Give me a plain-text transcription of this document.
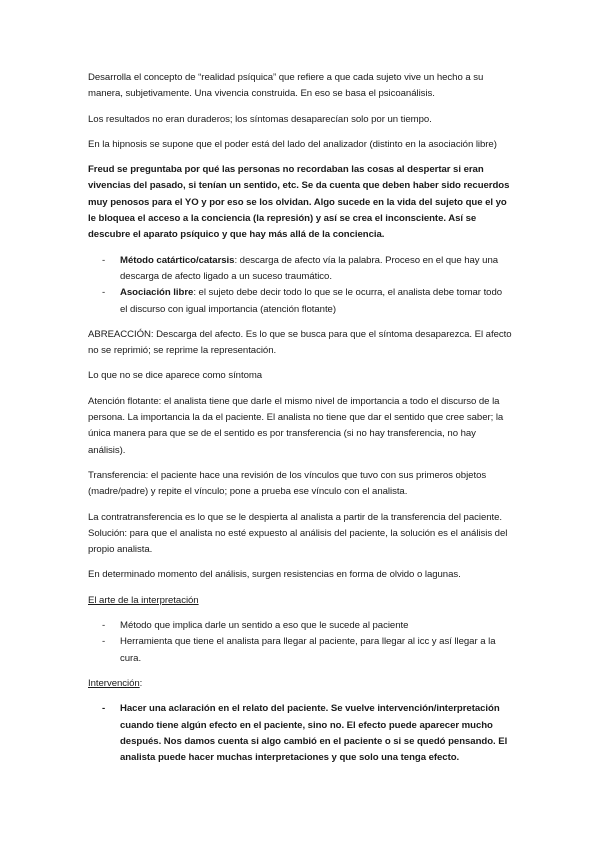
Desarrolla el concepto de “realidad psíquica” que refiere a que cada sujeto vive un hecho a su manera, subjetivamente. Una vivencia construida. En eso se basa el psicoanálisis.

Los resultados no eran duraderos; los síntomas desaparecían solo por un tiempo.

En la hipnosis se supone que el poder está del lado del analizador (distinto en la asociación libre)

Freud se preguntaba por qué las personas no recordaban las cosas al despertar si eran vivencias del pasado, si tenían un sentido, etc. Se da cuenta que deben haber sido recuerdos muy penosos para el YO y por eso se los olvidan. Algo sucede en la vida del sujeto que el yo le bloquea el acceso a la conciencia (la represión) y así se crea el inconsciente. Así se descubre el aparato psíquico y que hay más allá de la conciencia.

- Método catártico/catarsis: descarga de afecto vía la palabra. Proceso en el que hay una descarga de afecto ligado a un suceso traumático.
- Asociación libre: el sujeto debe decir todo lo que se le ocurra, el analista debe tomar todo el discurso con igual importancia (atención flotante)

ABREACCIÓN: Descarga del afecto. Es lo que se busca para que el síntoma desaparezca. El afecto no se reprimió; se reprime la representación.

Lo que no se dice aparece como síntoma

Atención flotante: el analista tiene que darle el mismo nivel de importancia a todo el discurso de la persona. La importancia la da el paciente. El analista no tiene que dar el sentido que cree saber; la única manera para que se de el sentido es por transferencia (si no hay transferencia, no hay análisis).

Transferencia: el paciente hace una revisión de los vínculos que tuvo con sus primeros objetos (madre/padre) y repite el vínculo; pone a prueba ese vínculo con el analista.

La contratransferencia es lo que se le despierta al analista a partir de la transferencia del paciente. Solución: para que el analista no esté expuesto al análisis del paciente, la solución es el análisis del propio analista.

En determinado momento del análisis, surgen resistencias en forma de olvido o lagunas.

El arte de la interpretación

- Método que implica darle un sentido a eso que le sucede al paciente
- Herramienta que tiene el analista para llegar al paciente, para llegar al icc y así llegar a la cura.

Intervención:

- Hacer una aclaración en el relato del paciente. Se vuelve intervención/interpretación cuando tiene algún efecto en el paciente, sino no. El efecto puede aparecer mucho después. Nos damos cuenta si algo cambió en el paciente o si se quedó pensando. El analista puede hacer muchas interpretaciones y que solo una tenga efecto.
